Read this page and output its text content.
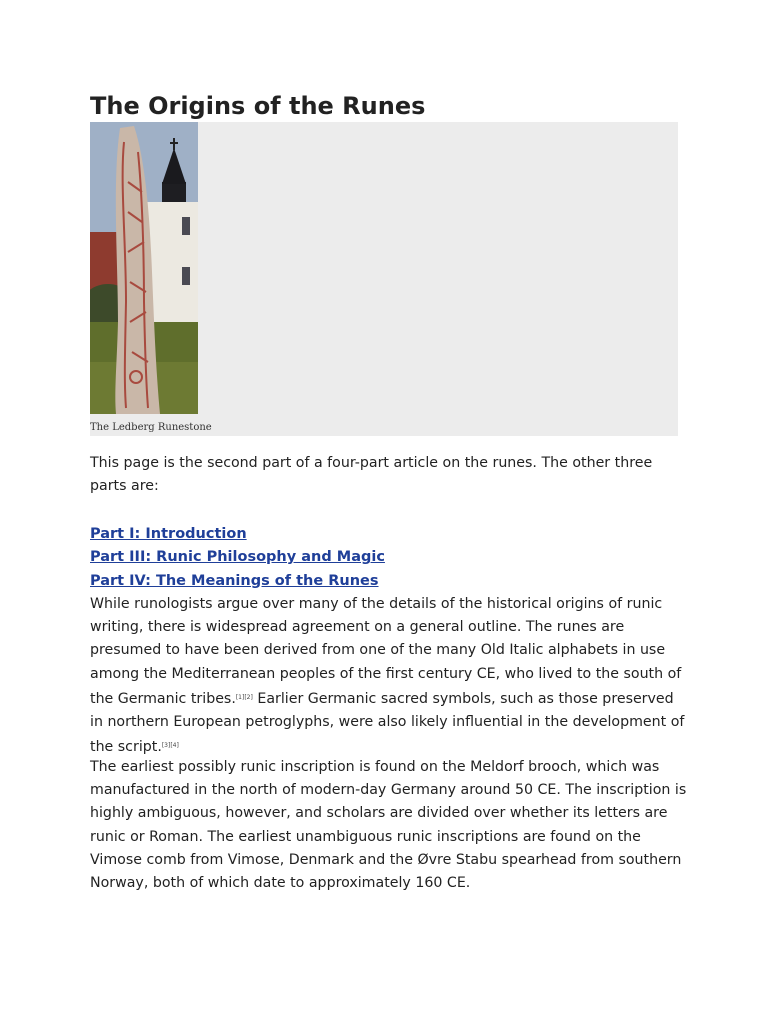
The Origins of the Runes
The Ledberg Runestone

This page is the second part of a four-part article on the runes. The other three parts are:

Part I: Introduction
Part III: Runic Philosophy and Magic
Part IV: The Meanings of the Runes

While runologists argue over many of the details of the historical origins of runic writing, there is widespread agreement on a general outline. The runes are presumed to have been derived from one of the many Old Italic alphabets in use among the Mediterranean peoples of the first century CE, who lived to the south of the Germanic tribes.[1][2] Earlier Germanic sacred symbols, such as those preserved in northern European petroglyphs, were also likely influential in the development of the script.[3][4]

The earliest possibly runic inscription is found on the Meldorf brooch, which was manufactured in the north of modern-day Germany around 50 CE. The inscription is highly ambiguous, however, and scholars are divided over whether its letters are runic or Roman. The earliest unambiguous runic inscriptions are found on the Vimose comb from Vimose, Denmark and the Øvre Stabu spearhead from southern Norway, both of which date to approximately 160 CE.
